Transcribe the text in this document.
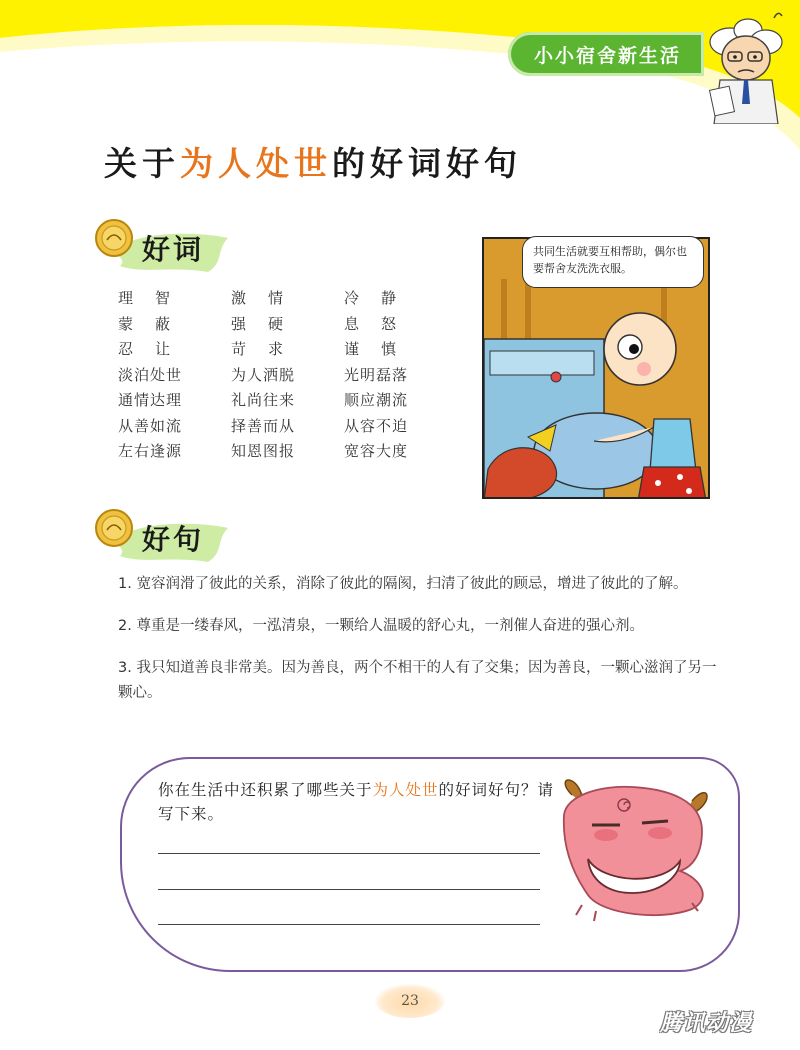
小小宿舍新生活
关于为人处世的好词好句
好词
理智	激情	冷静
蒙蔽	强硬	息怒
忍让	苛求	谨慎
淡泊处世	为人洒脱	光明磊落
通情达理	礼尚往来	顺应潮流
从善如流	择善而从	从容不迫
左右逢源	知恩图报	宽容大度
共同生活就要互相帮助，偶尔也要帮舍友洗洗衣服。
好句

1. 宽容润滑了彼此的关系，消除了彼此的隔阂，扫清了彼此的顾忌，增进了彼此的了解。

2. 尊重是一缕春风，一泓清泉，一颗给人温暖的舒心丸，一剂催人奋进的强心剂。

3. 我只知道善良非常美。因为善良，两个不相干的人有了交集；因为善良，一颗心滋润了另一颗心。

你在生活中还积累了哪些关于为人处世的好词好句？请写下来。
23
腾讯动漫
